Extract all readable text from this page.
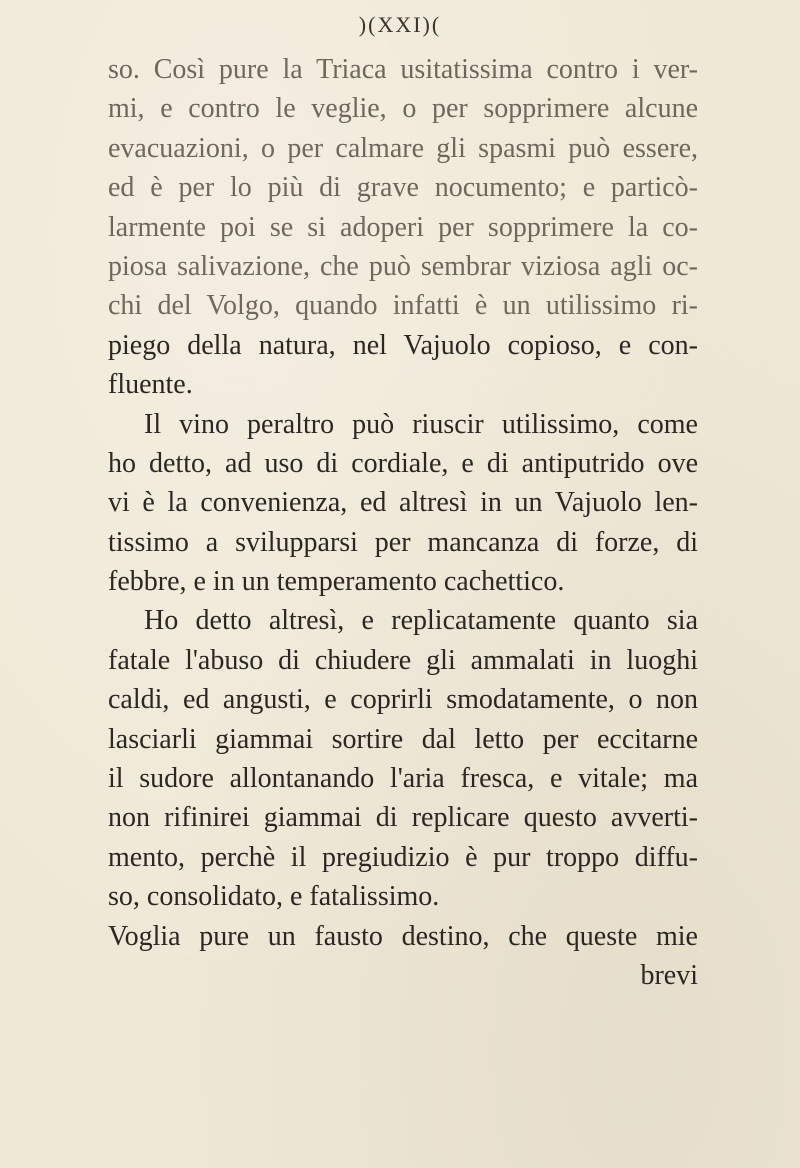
)(XXI)(
so. Così pure la Triaca usitatissima contro i ver-
mi, e contro le veglie, o per sopprimere alcune
evacuazioni, o per calmare gli spasmi può essere,
ed è per lo più di grave nocumento; e particò-
larmente poi se si adoperi per sopprimere la co-
piosa salivazione, che può sembrar viziosa agli oc-
chi del Volgo, quando infatti è un utilissimo ri-
piego della natura, nel Vajuolo copioso, e con-
fluente.
Il vino peraltro può riuscir utilissimo, come
ho detto, ad uso di cordiale, e di antiputrido ove
vi è la convenienza, ed altresì in un Vajuolo len-
tissimo a svilupparsi per mancanza di forze, di
febbre, e in un temperamento cachettico.
Ho detto altresì, e replicatamente quanto sia
fatale l'abuso di chiudere gli ammalati in luoghi
caldi, ed angusti, e coprirli smodatamente, o non
lasciarli giammai sortire dal letto per eccitarne
il sudore allontanando l'aria fresca, e vitale; ma
non rifinirei giammai di replicare questo avverti-
mento, perchè il pregiudizio è pur troppo diffu-
so, consolidato, e fatalissimo.
Voglia pure un fausto destino, che queste mie
brevi
